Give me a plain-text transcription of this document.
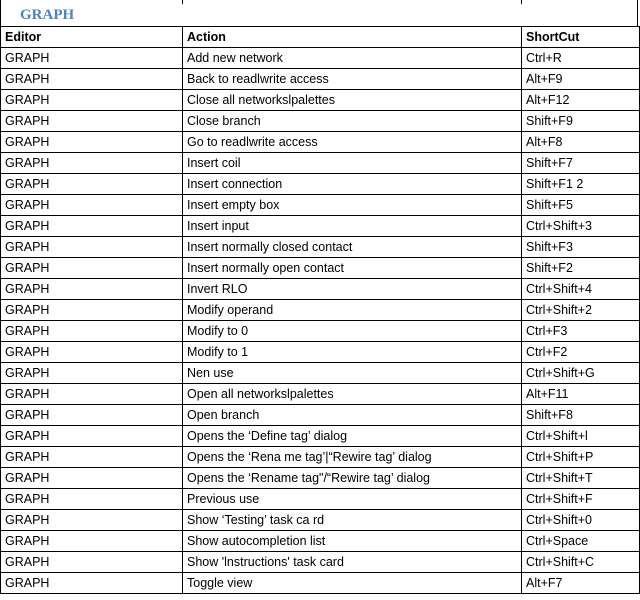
GRAPH
Editor	Action	ShortCut
GRAPH	Add new network	Ctrl+R
GRAPH	Back to readlwrite access	Alt+F9
GRAPH	Close all networkslpalettes	Alt+F12
GRAPH	Close branch	Shift+F9
GRAPH	Go to readlwrite access	Alt+F8
GRAPH	Insert coil	Shift+F7
GRAPH	Insert connection	Shift+F1 2
GRAPH	Insert empty box	Shift+F5
GRAPH	Insert input	Ctrl+Shift+3
GRAPH	Insert normally closed contact	Shift+F3
GRAPH	Insert normally open contact	Shift+F2
GRAPH	Invert RLO	Ctrl+Shift+4
GRAPH	Modify operand	Ctrl+Shift+2
GRAPH	Modify to 0	Ctrl+F3
GRAPH	Modify to 1	Ctrl+F2
GRAPH	Nen use	Ctrl+Shift+G
GRAPH	Open all networkslpalettes	Alt+F11
GRAPH	Open branch	Shift+F8
GRAPH	Opens the ‘Define tag’ dialog	Ctrl+Shift+l
GRAPH	Opens the ‘Rena me tag’|“Rewire tag’ dialog	Ctrl+Shift+P
GRAPH	Opens the ‘Rename tag"/“Rewire tag’ dialog	Ctrl+Shift+T
GRAPH	Previous use	Ctrl+Shift+F
GRAPH	Show ‘Testing’ task ca rd	Ctrl+Shift+0
GRAPH	Show autocompletion list	Ctrl+Space
GRAPH	Show 'lnstructions' task card	Ctrl+Shift+C
GRAPH	Toggle view	Alt+F7
